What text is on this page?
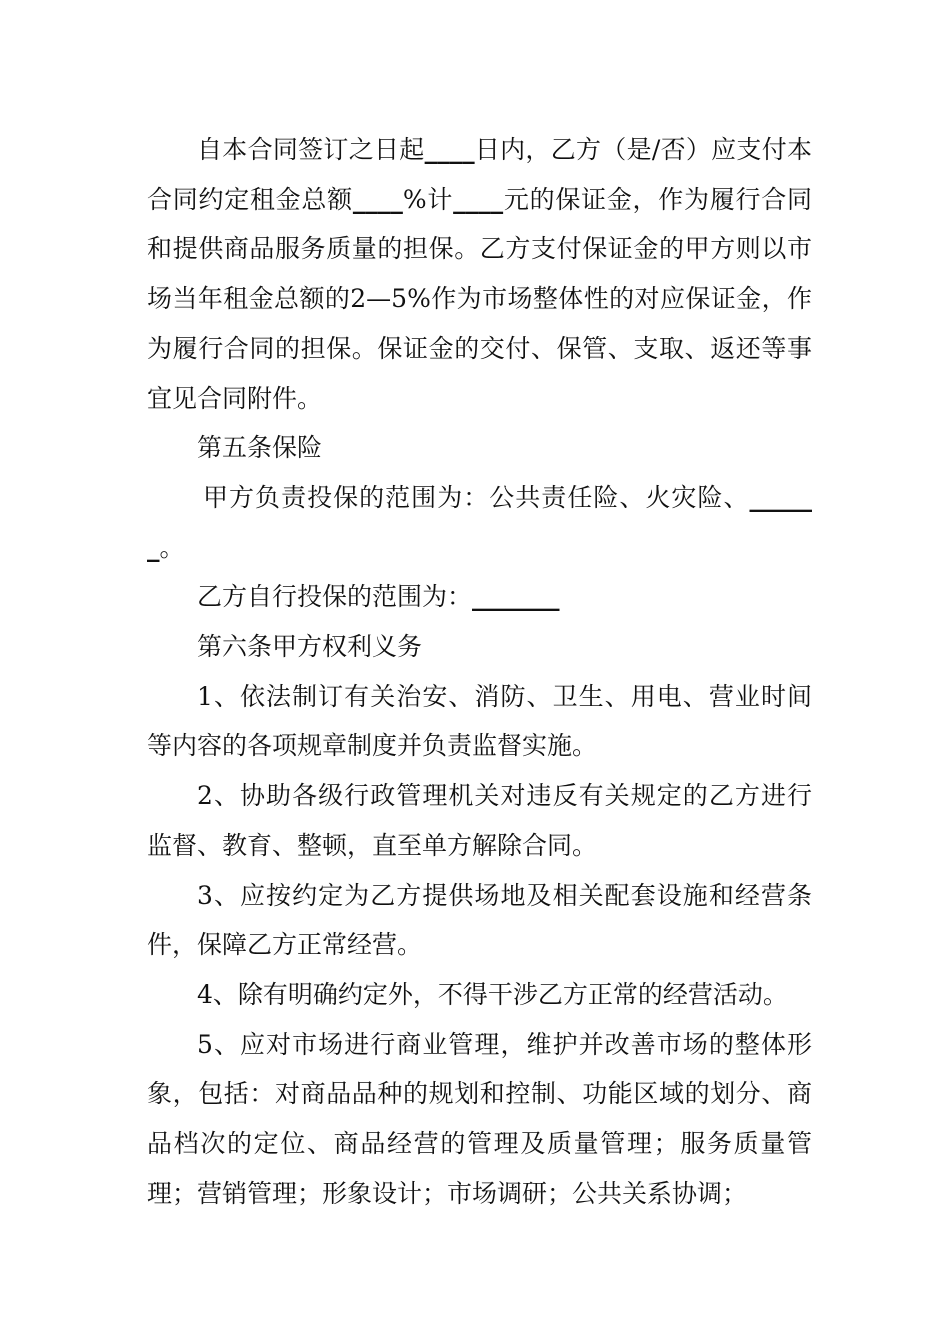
自本合同签订之日起____日内，乙方（是/否）应支付本合同约定租金总额____%计____元的保证金，作为履行合同和提供商品服务质量的担保。乙方支付保证金的甲方则以市场当年租金总额的2—5%作为市场整体性的对应保证金，作为履行合同的担保。保证金的交付、保管、支取、返还等事宜见合同附件。

第五条保险

甲方负责投保的范围为：公共责任险、火灾险、______。

乙方自行投保的范围为：_______

第六条甲方权利义务

1、依法制订有关治安、消防、卫生、用电、营业时间等内容的各项规章制度并负责监督实施。

2、协助各级行政管理机关对违反有关规定的乙方进行监督、教育、整顿，直至单方解除合同。

3、应按约定为乙方提供场地及相关配套设施和经营条件，保障乙方正常经营。

4、除有明确约定外，不得干涉乙方正常的经营活动。

5、应对市场进行商业管理，维护并改善市场的整体形象，包括：对商品品种的规划和控制、功能区域的划分、商品档次的定位、商品经营的管理及质量管理；服务质量管理；营销管理；形象设计；市场调研；公共关系协调；
